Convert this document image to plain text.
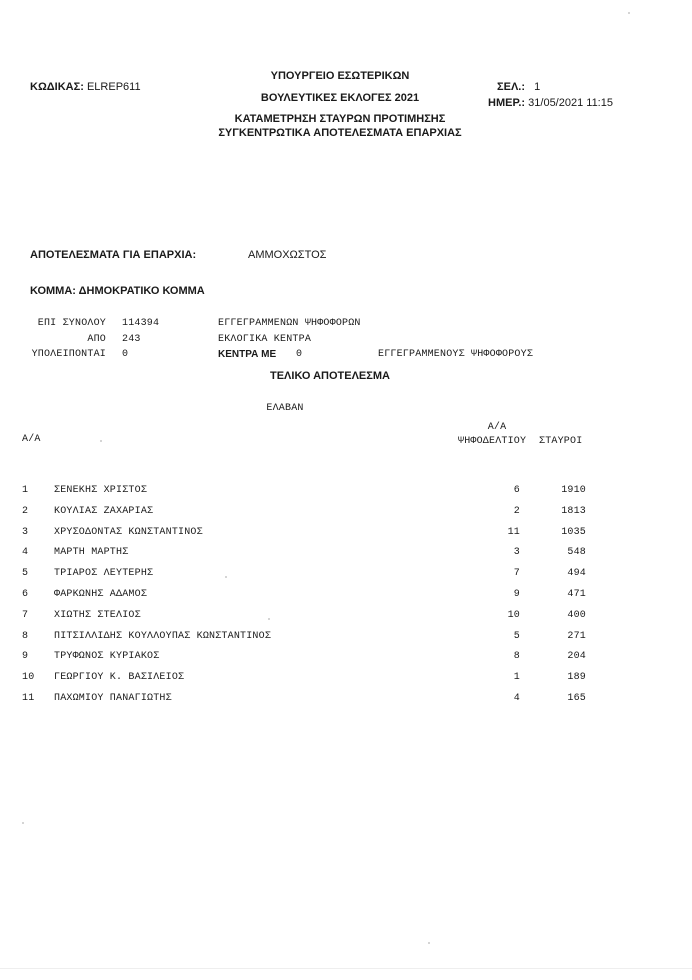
ΚΩΔΙΚΑΣ: ELREP611
ΥΠΟΥΡΓΕΙΟ ΕΣΩΤΕΡΙΚΩΝ
ΒΟΥΛΕΥΤΙΚΕΣ ΕΚΛΟΓΕΣ 2021
ΚΑΤΑΜΕΤΡΗΣΗ ΣΤΑΥΡΩΝ ΠΡΟΤΙΜΗΣΗΣ
ΣΥΓΚΕΝΤΡΩΤΙΚΑ ΑΠΟΤΕΛΕΣΜΑΤΑ ΕΠΑΡΧΙΑΣ
ΣΕΛ.: 1
ΗΜΕΡ.: 31/05/2021 11:15
ΑΠΟΤΕΛΕΣΜΑΤΑ ΓΙΑ ΕΠΑΡΧΙΑ:	ΑΜΜΟΧΩΣΤΟΣ
ΚΟΜΜΑ: ΔΗΜΟΚΡΑΤΙΚΟ ΚΟΜΜΑ
ΕΠΙ ΣΥΝΟΛΟΥ 114394	ΕΓΓΕΓΡΑΜΜΕΝΩΝ ΨΗΦΟΦΟΡΩΝ
ΑΠΟ 243	ΕΚΛΟΓΙΚΑ ΚΕΝΤΡΑ
ΥΠΟΛΕΙΠΟΝΤΑΙ 0	ΚΕΝΤΡΑ ΜΕ 0	ΕΓΓΕΓΡΑΜΜΕΝΟΥΣ ΨΗΦΟΦΟΡΟΥΣ
ΤΕΛΙΚΟ ΑΠΟΤΕΛΕΣΜΑ
ΕΛΑΒΑΝ
Α/Α
Α/Α
ΨΗΦΟΔΕΛΤΙΟΥ ΣΤΑΥΡΟΙ
1	ΣΕΝΕΚΗΣ ΧΡΙΣΤΟΣ	6	1910
2	ΚΟΥΛΙΑΣ ΖΑΧΑΡΙΑΣ	2	1813
3	ΧΡΥΣΟΔΟΝΤΑΣ ΚΩΝΣΤΑΝΤΙΝΟΣ	11	1035
4	ΜΑΡΤΗ ΜΑΡΤΗΣ	3	548
5	ΤΡΙΑΡΟΣ ΛΕΥΤΕΡΗΣ	7	494
6	ΦΑΡΚΩΝΗΣ ΑΔΑΜΟΣ	9	471
7	ΧΙΩΤΗΣ ΣΤΕΛΙΟΣ	10	400
8	ΠΙΤΣΙΛΛΙΔΗΣ ΚΟΥΛΛΟΥΠΑΣ ΚΩΝΣΤΑΝΤΙΝΟΣ	5	271
9	ΤΡΥΦΩΝΟΣ ΚΥΡΙΑΚΟΣ	8	204
10 ΓΕΩΡΓΙΟΥ Κ. ΒΑΣΙΛΕΙΟΣ	1	189
11 ΠΑΧΩΜΙΟΥ ΠΑΝΑΓΙΩΤΗΣ	4	165
